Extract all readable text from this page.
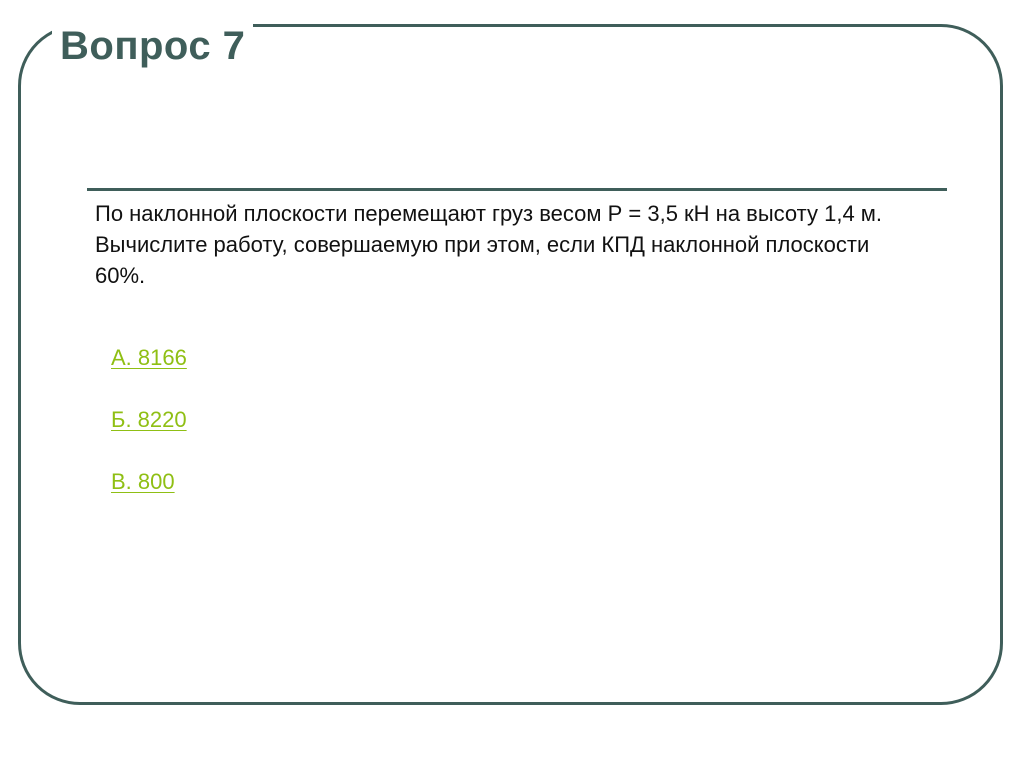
Вопрос 7

По наклонной плоскости перемещают груз весом Р = 3,5 кН на высоту 1,4 м. Вычислите работу, совершаемую при этом, если КПД наклонной плоскости 60%.

А. 8166
Б. 8220
В. 800
